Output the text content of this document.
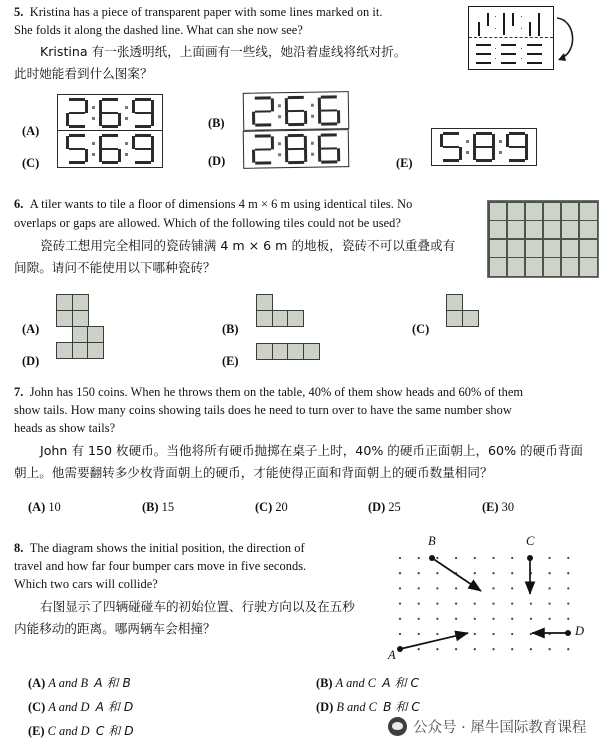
5. Kristina has a piece of transparent paper with some lines marked on it.
She folds it along the dashed line. What can she now see?
Kristina 有一张透明纸，上面画有一些线，她沿着虚线将纸对折。
此时她能看到什么图案？
(A)
(B)
(C)	(D)	(E)
6. A tiler wants to tile a floor of dimensions 4 m × 6 m using identical tiles. No
overlaps or gaps are allowed. Which of the following tiles could not be used?
瓷砖工想用完全相同的瓷砖铺满 4 m × 6 m 的地板，瓷砖不可以重叠或有
间隙。请问不能使用以下哪种瓷砖？
(A)	(B)	(C)
(D)	(E)
7. John has 150 coins. When he throws them on the table, 40% of them show heads and 60% of them
show tails. How many coins showing tails does he need to turn over to have the same number show
heads as show tails?
John 有 150 枚硬币。当他将所有硬币抛掷在桌子上时，40% 的硬币正面朝上，60% 的硬币背面
朝上。他需要翻转多少枚背面朝上的硬币，才能使得正面和背面朝上的硬币数量相同？
(A) 10	(B) 15	(C) 20	(D) 25	(E) 30
8. The diagram shows the initial position, the direction of
travel and how far four bumper cars move in five seconds.
Which two cars will collide?
右图显示了四辆碰碰车的初始位置、行驶方向以及在五秒
内能移动的距离。哪两辆车会相撞？
B	C
A
D
(A) A and B A 和 B	(B) A and C A 和 C
(C) A and D A 和 D	(D) B and C B 和 C
(E) C and D C 和 D	公众号 · 犀牛国际教育课程
